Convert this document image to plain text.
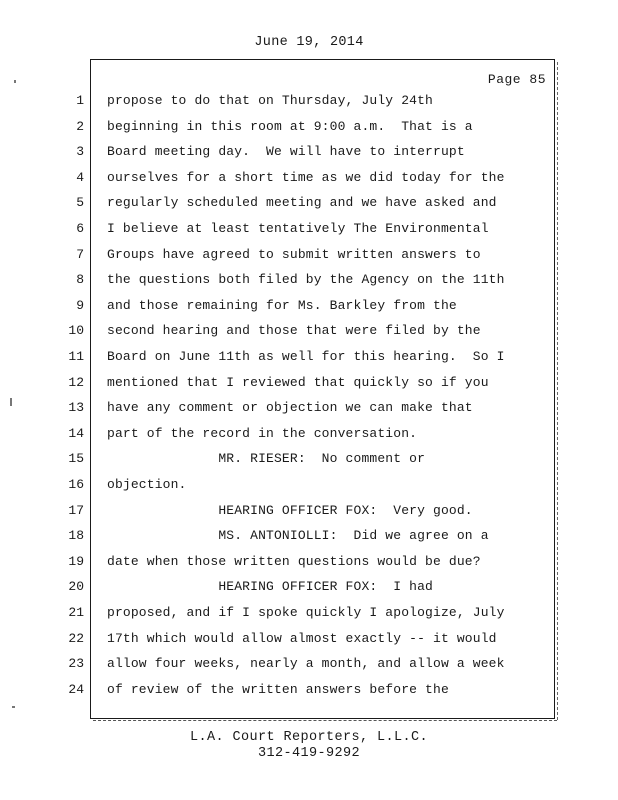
June 19, 2014
Page 85
1
2
3
4
5
6
7
8
9
10
11
12
13
14
15
16
17
18
19
20
21
22
23
24
propose to do that on Thursday, July 24th
beginning in this room at 9:00 a.m.  That is a
Board meeting day.  We will have to interrupt
ourselves for a short time as we did today for the
regularly scheduled meeting and we have asked and
I believe at least tentatively The Environmental
Groups have agreed to submit written answers to
the questions both filed by the Agency on the 11th
and those remaining for Ms. Barkley from the
second hearing and those that were filed by the
Board on June 11th as well for this hearing.  So I
mentioned that I reviewed that quickly so if you
have any comment or objection we can make that
part of the record in the conversation.
MR. RIESER:  No comment or
objection.
HEARING OFFICER FOX:  Very good.
MS. ANTONIOLLI:  Did we agree on a
date when those written questions would be due?
HEARING OFFICER FOX:  I had
proposed, and if I spoke quickly I apologize, July
17th which would allow almost exactly -- it would
allow four weeks, nearly a month, and allow a week
of review of the written answers before the
L.A. Court Reporters, L.L.C.
312-419-9292
